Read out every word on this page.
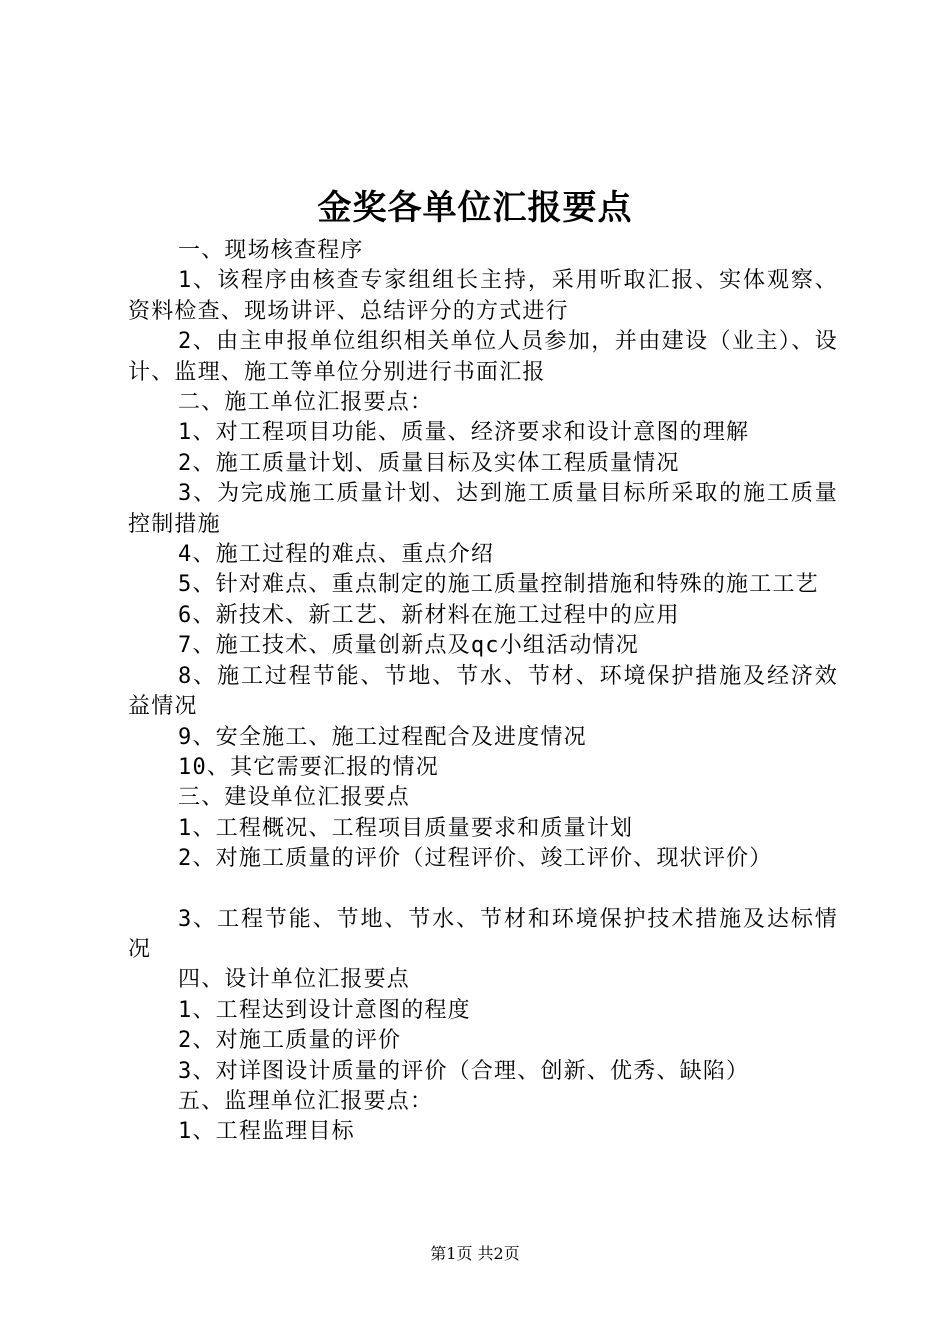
金奖各单位汇报要点

一、现场核查程序

1、该程序由核查专家组组长主持，采用听取汇报、实体观察、资料检查、现场讲评、总结评分的方式进行

2、由主申报单位组织相关单位人员参加，并由建设（业主）、设计、监理、施工等单位分别进行书面汇报

二、施工单位汇报要点：

1、对工程项目功能、质量、经济要求和设计意图的理解

2、施工质量计划、质量目标及实体工程质量情况

3、为完成施工质量计划、达到施工质量目标所采取的施工质量控制措施

4、施工过程的难点、重点介绍

5、针对难点、重点制定的施工质量控制措施和特殊的施工工艺

6、新技术、新工艺、新材料在施工过程中的应用

7、施工技术、质量创新点及qc小组活动情况

8、施工过程节能、节地、节水、节材、环境保护措施及经济效益情况

9、安全施工、施工过程配合及进度情况

10、其它需要汇报的情况

三、建设单位汇报要点

1、工程概况、工程项目质量要求和质量计划

2、对施工质量的评价（过程评价、竣工评价、现状评价）

3、工程节能、节地、节水、节材和环境保护技术措施及达标情况

四、设计单位汇报要点

1、工程达到设计意图的程度

2、对施工质量的评价

3、对详图设计质量的评价（合理、创新、优秀、缺陷）

五、监理单位汇报要点：

1、工程监理目标

第1页 共2页
